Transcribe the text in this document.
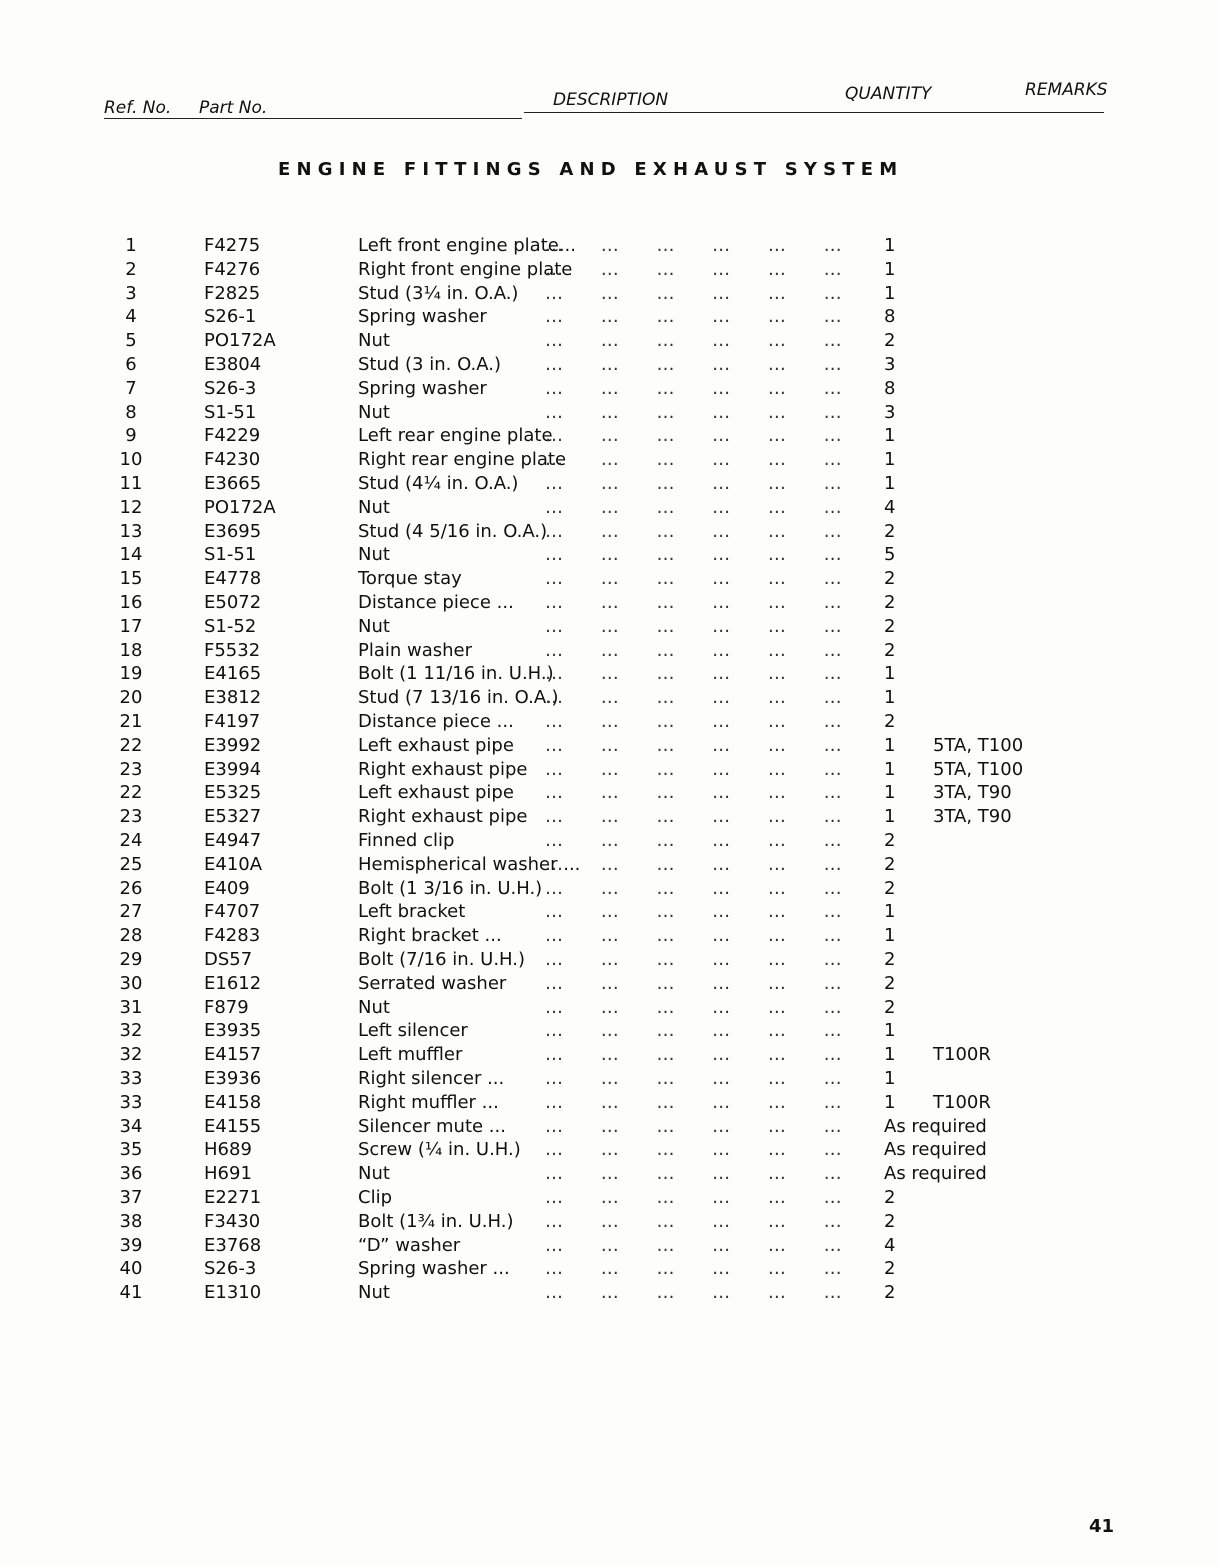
Ref. No. Part No.	DESCRIPTION	QUANTITY	REMARKS
ENGINE FITTINGS AND EXHAUST SYSTEM
1	F4275	Left front engine plate...
… … … … … … 1
2	F4276	Right front engine plate
… … … … … … 1
3	F2825	Stud (3¼ in. O.A.) … … … … … … 1
4	S26-1	Spring washer	… … … … … … 8
5	PO172A	Nut	… … … … … … 2
6	E3804	Stud (3 in. O.A.) … … … … … … 3
7	S26-3	Spring washer	… … … … … … 8
8	S1-51	Nut	… … … … … … 3
9	F4229	Left rear engine plate
… … … … … … 1
10	F4230	Right rear engine plate
… … … … … … 1
11	E3665	Stud (4¼ in. O.A.) … … … … … … 1
12	PO172A	Nut	… … … … … … 4
13	E3695	Stud (4 5/16 in. O.A.)
… … … … … … 2
14	S1-51	Nut	… … … … … … 5
15	E4778	Torque stay	… … … … … … 2
16	E5072	Distance piece ... … … … … … … 2
17	S1-52	Nut	… … … … … … 2
18	F5532	Plain washer	… … … … … … 2
19	E4165	Bolt (1 11/16 in. U.H.)
… … … … … … 1
20	E3812	Stud (7 13/16 in. O.A.)
… … … … … … 1
21	F4197	Distance piece ... … … … … … … 2
22	E3992	Left exhaust pipe … … … … … … 1 5TA, T100
23	E3994	Right exhaust pipe … … … … … … 1 5TA, T100
22	E5325	Left exhaust pipe … … … … … … 1 3TA, T90
23	E5327	Right exhaust pipe … … … … … … 1 3TA, T90
24	E4947	Finned clip	… … … … … … 2
25	E410A	Hemispherical washer ...
… … … … … … 2
26	E409	Bolt (1 3/16 in. U.H.) … … … … … … 2
27	F4707	Left bracket	… … … … … … 1
28	F4283	Right bracket ... … … … … … … 1
29	DS57	Bolt (7/16 in. U.H.) … … … … … … 2
30	E1612	Serrated washer … … … … … … 2
31	F879	Nut	… … … … … … 2
32	E3935	Left silencer	… … … … … … 1
32	E4157	Left muffler	… … … … … … 1 T100R
33	E3936	Right silencer ... … … … … … … 1
33	E4158	Right muffler ...	… … … … … … 1 T100R
34	E4155	Silencer mute ... … … … … … … As required
35	H689	Screw (¼ in. U.H.) … … … … … … As required
36	H691	Nut	… … … … … … As required
37	E2271	Clip	… … … … … … 2
38	F3430	Bolt (1¾ in. U.H.) … … … … … … 2
39	E3768	“D” washer	… … … … … … 4
40	S26-3	Spring washer ... … … … … … … 2
41	E1310	Nut	… … … … … … 2
41
